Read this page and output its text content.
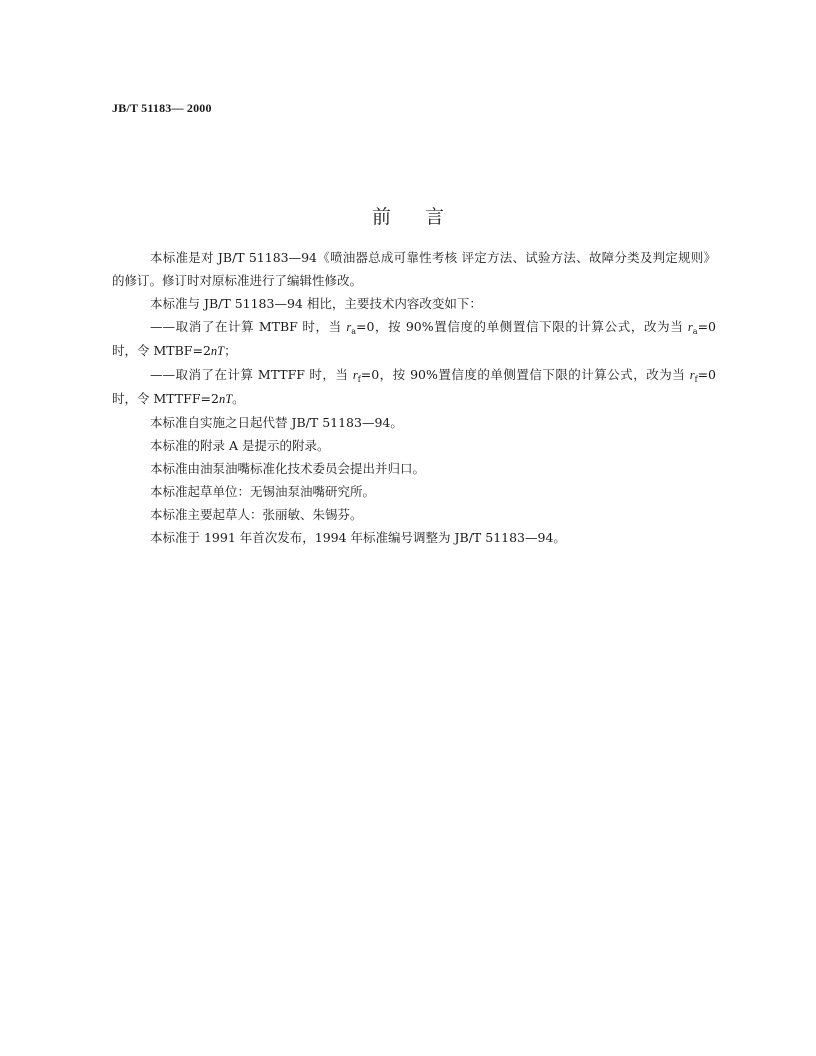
JB/T 51183— 2000
前言

本标准是对 JB/T 51183—94《喷油器总成可靠性考核 评定方法、试验方法、故障分类及判定规则》的修订。修订时对原标准进行了编辑性修改。

本标准与 JB/T 51183—94 相比，主要技术内容改变如下：

——取消了在计算 MTBF 时，当 $r_a=0$，按 90%置信度的单侧置信下限的计算公式，改为当 $r_a=0$ 时，令 MTBF=2nT；

——取消了在计算 MTTFF 时，当 $r_f=0$，按 90%置信度的单侧置信下限的计算公式，改为当 $r_f=0$ 时，令 MTTFF=2nT。

本标准自实施之日起代替 JB/T 51183—94。

本标准的附录 A 是提示的附录。

本标准由油泵油嘴标准化技术委员会提出并归口。

本标准起草单位：无锡油泵油嘴研究所。

本标准主要起草人：张丽敏、朱锡芬。

本标准于 1991 年首次发布，1994 年标准编号调整为 JB/T 51183—94。
